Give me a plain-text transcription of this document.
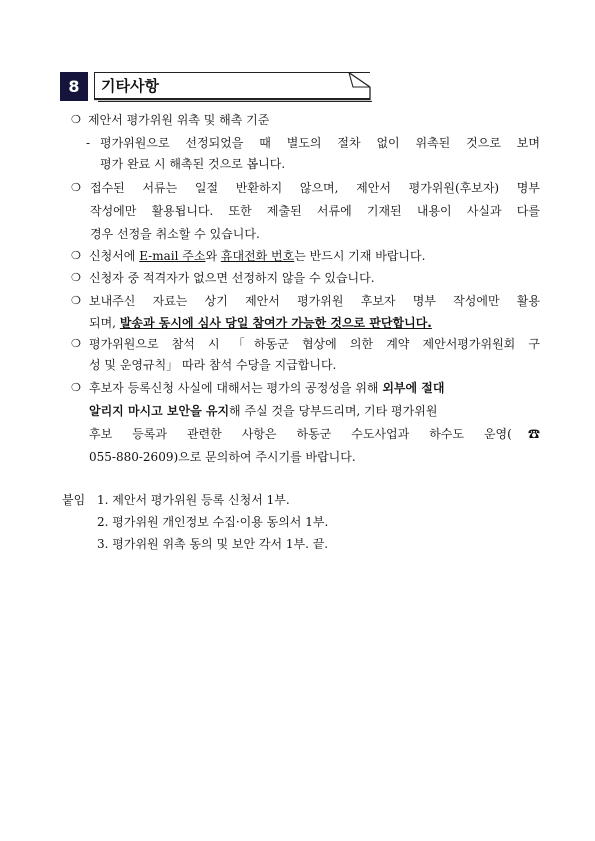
8	기타사항
❍ 제안서 평가위원 위촉 및 해촉 기준
- 평가위원으로 선정되었을 때 별도의 절차 없이 위촉된 것으로 보며
평가 완료 시 해촉된 것으로 봅니다.
❍ 접수된 서류는 일절 반환하지 않으며, 제안서 평가위원(후보자) 명부
작성에만 활용됩니다. 또한 제출된 서류에 기재된 내용이 사실과 다를
경우 선정을 취소할 수 있습니다.
❍ 신청서에 E-mail 주소와 휴대전화 번호는 반드시 기재 바랍니다.
❍ 신청자 중 적격자가 없으면 선정하지 않을 수 있습니다.
❍ 보내주신 자료는 상기 제안서 평가위원 후보자 명부 작성에만 활용
되며, 발송과 동시에 심사 당일 참여가 가능한 것으로 판단합니다.
❍ 평가위원으로 참석 시 「하동군 협상에 의한 계약 제안서평가위원회 구
성 및 운영규칙」 따라 참석 수당을 지급합니다.
❍ 후보자 등록신청 사실에 대해서는 평가의 공정성을 위해 외부에 절대
알리지 마시고 보안을 유지해 주실 것을 당부드리며, 기타 평가위원
후보 등록과 관련한 사항은 하동군 수도사업과 하수도 운영(☎
055-880-2609)으로 문의하여 주시기를 바랍니다.
붙임 1. 제안서 평가위원 등록 신청서 1부.
2. 평가위원 개인정보 수집·이용 동의서 1부.
3. 평가위원 위촉 동의 및 보안 각서 1부. 끝.
